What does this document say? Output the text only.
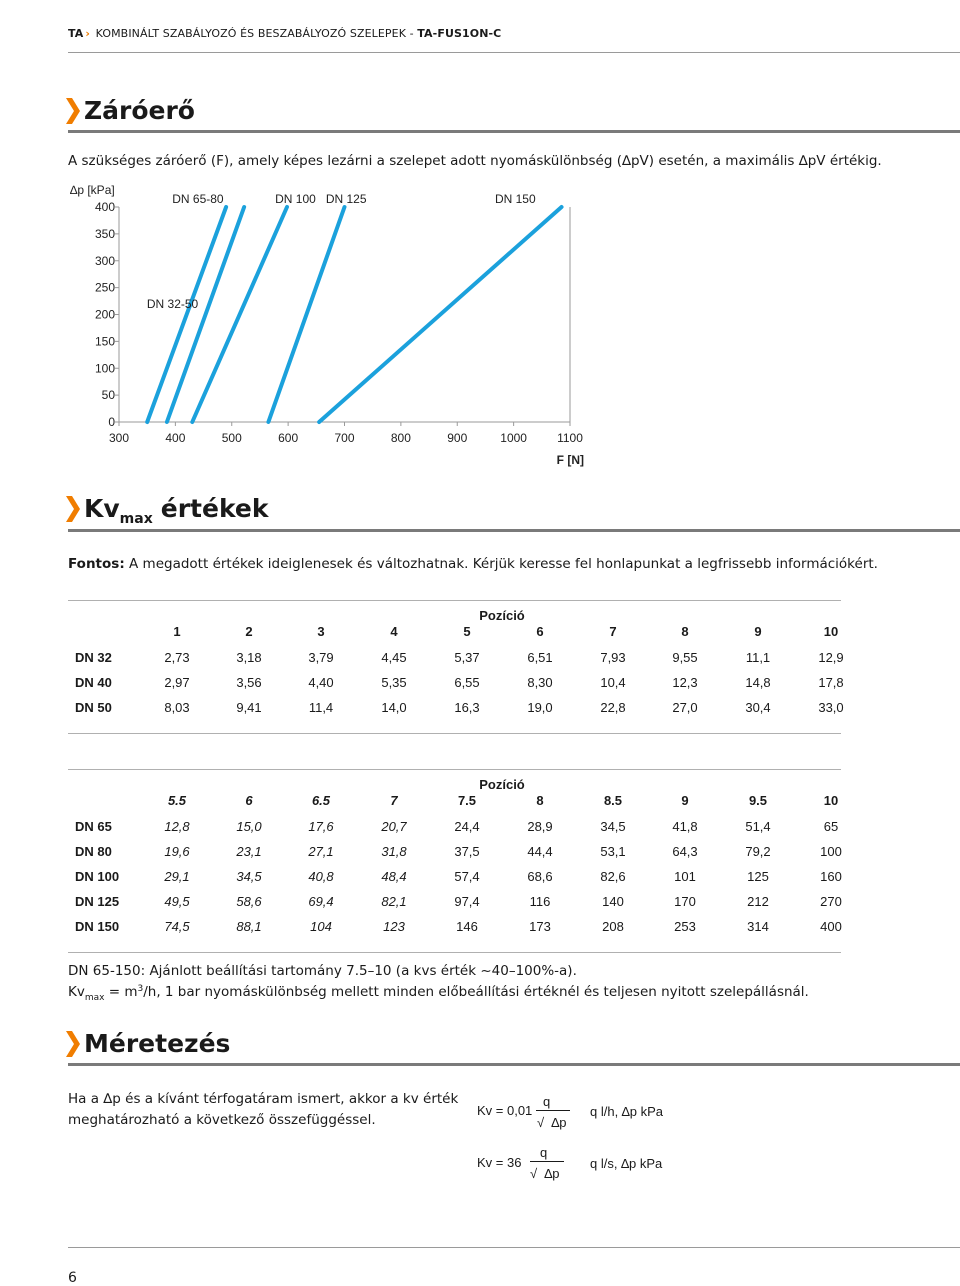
TA › KOMBINÁLT SZABÁLYOZÓ ÉS BESZABÁLYOZÓ SZELEPEK - TA-FUS1ON-C
Záróerő
A szükséges záróerő (F), amely képes lezárni a szelepet adott nyomáskülönbség (∆pV) esetén, a maximális ∆pV értékig.
0
50
100
150
200
250
300
350
400
300	400	500	600	700	800	900	1000	1100
∆p [kPa]
F [N]
DN 65-80	DN 100 DN 125	DN 150
DN 32-50
Kv max értékek
Fontos: A megadott értékek ideiglenesek és változhatnak. Kérjük keresse fel honlapunkat a legfrissebb információkért.
Pozíció
1	2	3	4	5	6	7	8	9	10
DN 32	2,73	3,18	3,79	4,45	5,37	6,51	7,93	9,55	11,1	12,9
DN 40	2,97	3,56	4,40	5,35	6,55	8,30	10,4	12,3	14,8	17,8
DN 50	8,03	9,41	11,4	14,0	16,3	19,0	22,8	27,0	30,4	33,0
Pozíció
5.5	6	6.5	7	7.5	8	8.5	9	9.5	10
DN 65	12,8	15,0	17,6	20,7	24,4	28,9	34,5	41,8	51,4	65
DN 80	19,6	23,1	27,1	31,8	37,5	44,4	53,1	64,3	79,2	100
DN 100	29,1	34,5	40,8	48,4	57,4	68,6	82,6	101	125	160
DN 125	49,5	58,6	69,4	82,1	97,4	116	140	170	212	270
DN 150	74,5	88,1	104	123	146	173	208	253	314	400
DN 65-150: Ajánlott beállítási tartomány 7.5–10 (a kvs érték ~40–100%-a).
$Kv_{max} = m^3/h$, 1 bar nyomáskülönbség mellett minden előbeállítási értéknél és teljesen nyitott szelepállásnál.
Méretezés
Ha a ∆p és a kívánt térfogatáram ismert, akkor a kv érték
meghatározható a következő összefüggéssel.
Kv = 0,01
q
√  ∆p
q l/h, ∆p kPa
Kv = 36
q
√  ∆p
q l/s, ∆p kPa
6
